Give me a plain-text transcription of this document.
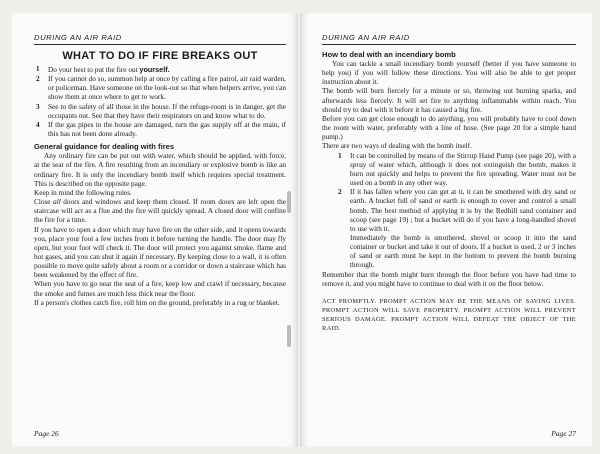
DURING AN AIR RAID
WHAT TO DO IF FIRE BREAKS OUT
1	Do your best to put the fire out yourself.
2	If you cannot do so, summon help at once by calling a fire patrol, air raid warden, or policeman. Have someone on the look-out so that when helpers arrive, you can show them at once where to get to work.
3	See to the safety of all those in the house. If the refuge-room is in danger, get the occupants out. See that they have their respirators on and know what to do.
4	If the gas pipes in the house are damaged, turn the gas supply off at the main, if this has not been done already.
General guidance for dealing with fires

Any ordinary fire can be put out with water, which should be applied, with force, at the seat of the fire. A fire resulting from an incendiary or explosive bomb is like an ordinary fire. It is only the incendiary bomb itself which requires special treatment. This is described on the opposite page.

Keep in mind the following rules.

Close all doors and windows and keep them closed. If room doors are left open the staircase will act as a flue and the fire will quickly spread. A closed door will confine the fire for a time.

If you have to open a door which may have fire on the other side, and it opens towards you, place your foot a few inches from it before turning the handle. The door may fly open, but your foot will check it. The door will protect you against smoke, flame and hot gases, and you can shut it again if necessary. By keeping close to a wall, it is often possible to move quite safely about a room or a corridor or down a staircase which has been weakened by the effect of fire.

When you have to go near the seat of a fire, keep low and crawl if necessary, because the smoke and fumes are much less thick near the floor.

If a person's clothes catch fire, roll him on the ground, preferably in a rug or blanket.

Page 26
DURING AN AIR RAID
How to deal with an incendiary bomb

You can tackle a small incendiary bomb yourself (better if you have someone to help you) if you will follow these directions. You will also be able to get proper instruction about it.

The bomb will burn fiercely for a minute or so, throwing out burning sparks, and afterwards less fiercely. It will set fire to anything inflammable within reach. You should try to deal with it before it has caused a big fire.

Before you can get close enough to do anything, you will probably have to cool down the room with water, preferably with a line of hose. (See page 20 for a simple hand pump.)

There are two ways of dealing with the bomb itself.

1	It can be controlled by means of the Stirrup Hand Pump (see page 20), with a spray of water which, although it does not extinguish the bomb, makes it burn out quickly and helps to prevent the fire spreading. Water must not be used on a bomb in any other way.
2	If it has fallen where you can get at it, it can be smothered with dry sand or earth. A bucket full of sand or earth is enough to cover and control a small bomb. The best method of applying it is by the Redhill sand container and scoop (see page 19) ; but a bucket will do if you have a long-handled shovel to use with it.
Immediately the bomb is smothered, shovel or scoop it into the sand container or bucket and take it out of doors. If a bucket is used, 2 or 3 inches of sand or earth must be kept in the bottom to prevent the bomb burning through.

Remember that the bomb might burn through the floor before you have had time to remove it, and you might have to continue to deal with it on the floor below.

ACT PROMPTLY. PROMPT ACTION MAY BE THE MEANS OF SAVING LIVES. PROMPT ACTION WILL SAVE PROPERTY. PROMPT ACTION WILL PREVENT SERIOUS DAMAGE. PROMPT ACTION WILL DEFEAT THE OBJECT OF THE RAID.

Page 27
